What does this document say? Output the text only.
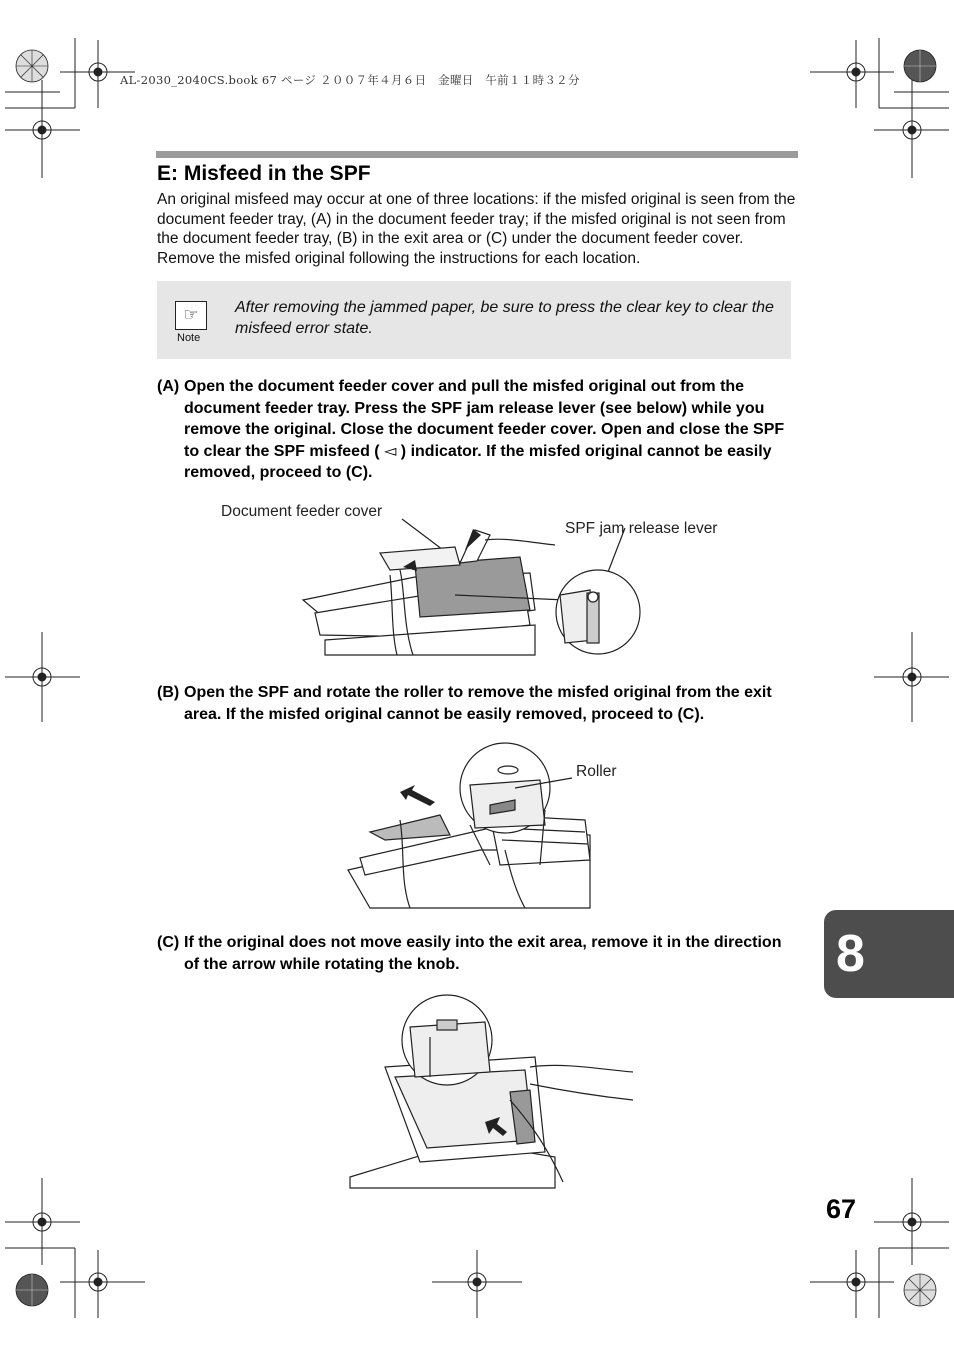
AL-2030_2040CS.book 67 ページ ２００７年４月６日　金曜日　午前１１時３２分
E: Misfeed in the SPF

An original misfeed may occur at one of three locations: if the misfed original is seen from the document feeder tray, (A) in the document feeder tray; if the misfed original is not seen from the document feeder tray, (B) in the exit area or (C) under the document feeder cover. Remove the misfed original following the instructions for each location.

☞
Note
After removing the jammed paper, be sure to press the clear key to clear the misfeed error state.
(A) Open the document feeder cover and pull the misfed original out from the document feeder tray. Press the SPF jam release lever (see below) while you remove the original. Close the document feeder cover. Open and close the SPF to clear the SPF misfeed ( ◅ ) indicator. If the misfed original cannot be easily removed, proceed to (C).
Document feeder cover
SPF jam release lever
(B) Open the SPF and rotate the roller to remove the misfed original from the exit area. If the misfed original cannot be easily removed, proceed to (C).
Roller
(C) If the original does not move easily into the exit area, remove it in the direction of the arrow while rotating the knob.	8
67
